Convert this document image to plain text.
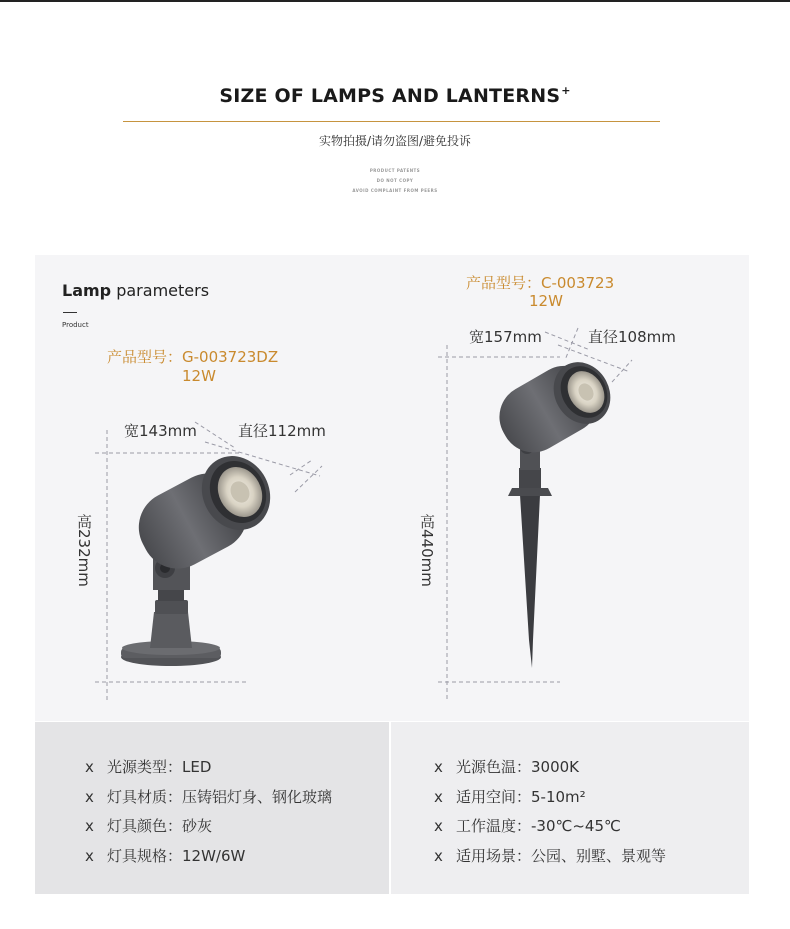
SIZE OF LAMPS AND LANTERNS+
实物拍摄/请勿盗图/避免投诉
PRODUCT PATENTS
DO NOT COPY
AVOID COMPLAINT FROM PEERS
Lamp parameters
Product
产品型号：G-003723DZ
12W
宽143mm	直径112mm
高232mm
产品型号：C-003723
12W
宽157mm	直径108mm
高440mm
x 光源类型：LED
x 灯具材质：压铸铝灯身、钢化玻璃
x 灯具颜色：砂灰
x 灯具规格：12W/6W
x 光源色温：3000K
x 适用空间：5-10m²
x 工作温度：-30℃~45℃
x 适用场景：公园、别墅、景观等
